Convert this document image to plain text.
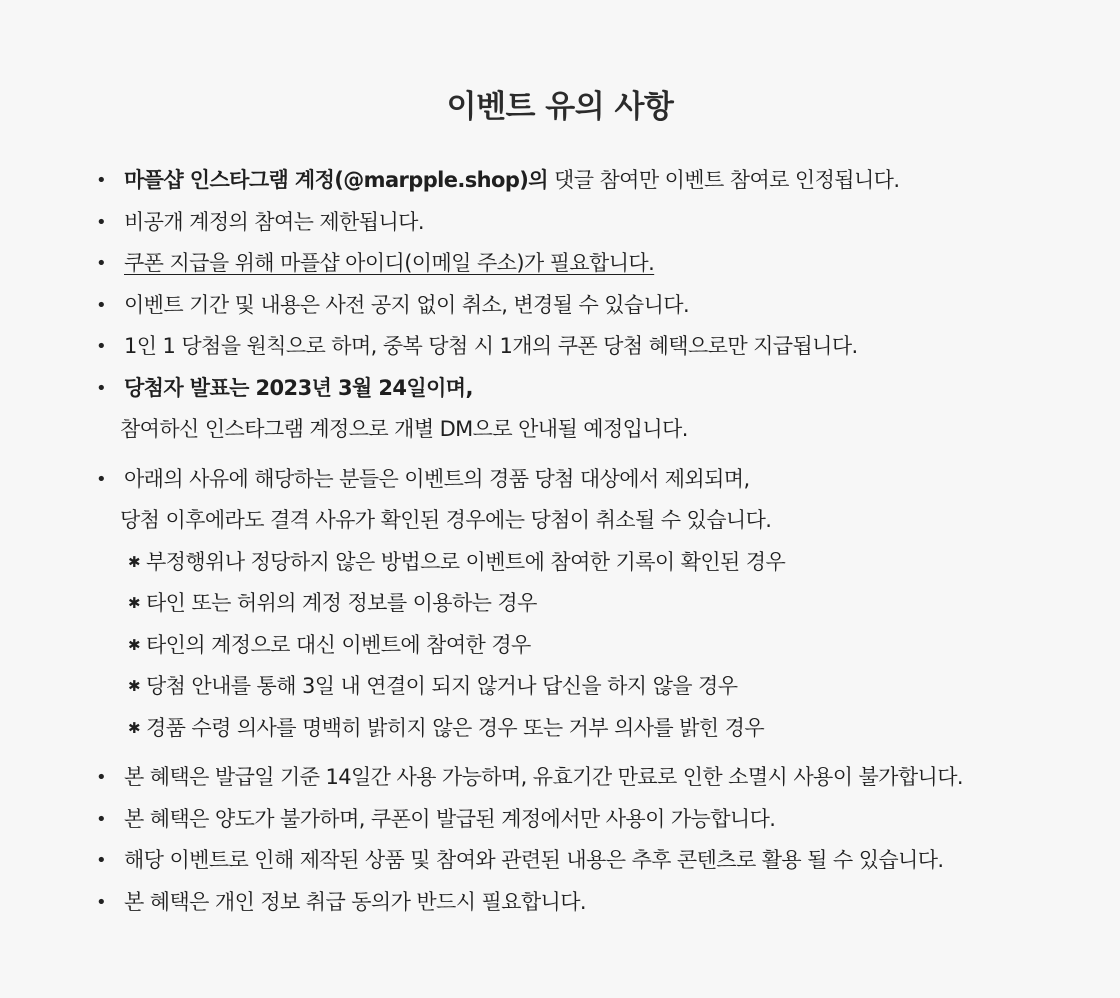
이벤트 유의 사항
• 마플샵 인스타그램 계정(@marpple.shop)의 댓글 참여만 이벤트 참여로 인정됩니다.
• 비공개 계정의 참여는 제한됩니다.
• 쿠폰 지급을 위해 마플샵 아이디(이메일 주소)가 필요합니다.
• 이벤트 기간 및 내용은 사전 공지 없이 취소, 변경될 수 있습니다.
• 1인 1 당첨을 원칙으로 하며, 중복 당첨 시 1개의 쿠폰 당첨 혜택으로만 지급됩니다.
• 당첨자 발표는 2023년 3월 24일이며,
참여하신 인스타그램 계정으로 개별 DM으로 안내될 예정입니다.
• 아래의 사유에 해당하는 분들은 이벤트의 경품 당첨 대상에서 제외되며,
당첨 이후에라도 결격 사유가 확인된 경우에는 당첨이 취소될 수 있습니다.
✱ 부정행위나 정당하지 않은 방법으로 이벤트에 참여한 기록이 확인된 경우
✱ 타인 또는 허위의 계정 정보를 이용하는 경우
✱ 타인의 계정으로 대신 이벤트에 참여한 경우
✱ 당첨 안내를 통해 3일 내 연결이 되지 않거나 답신을 하지 않을 경우
✱ 경품 수령 의사를 명백히 밝히지 않은 경우 또는 거부 의사를 밝힌 경우
• 본 혜택은 발급일 기준 14일간 사용 가능하며, 유효기간 만료로 인한 소멸시 사용이 불가합니다.
• 본 혜택은 양도가 불가하며, 쿠폰이 발급된 계정에서만 사용이 가능합니다.
• 해당 이벤트로 인해 제작된 상품 및 참여와 관련된 내용은 추후 콘텐츠로 활용 될 수 있습니다.
• 본 혜택은 개인 정보 취급 동의가 반드시 필요합니다.
